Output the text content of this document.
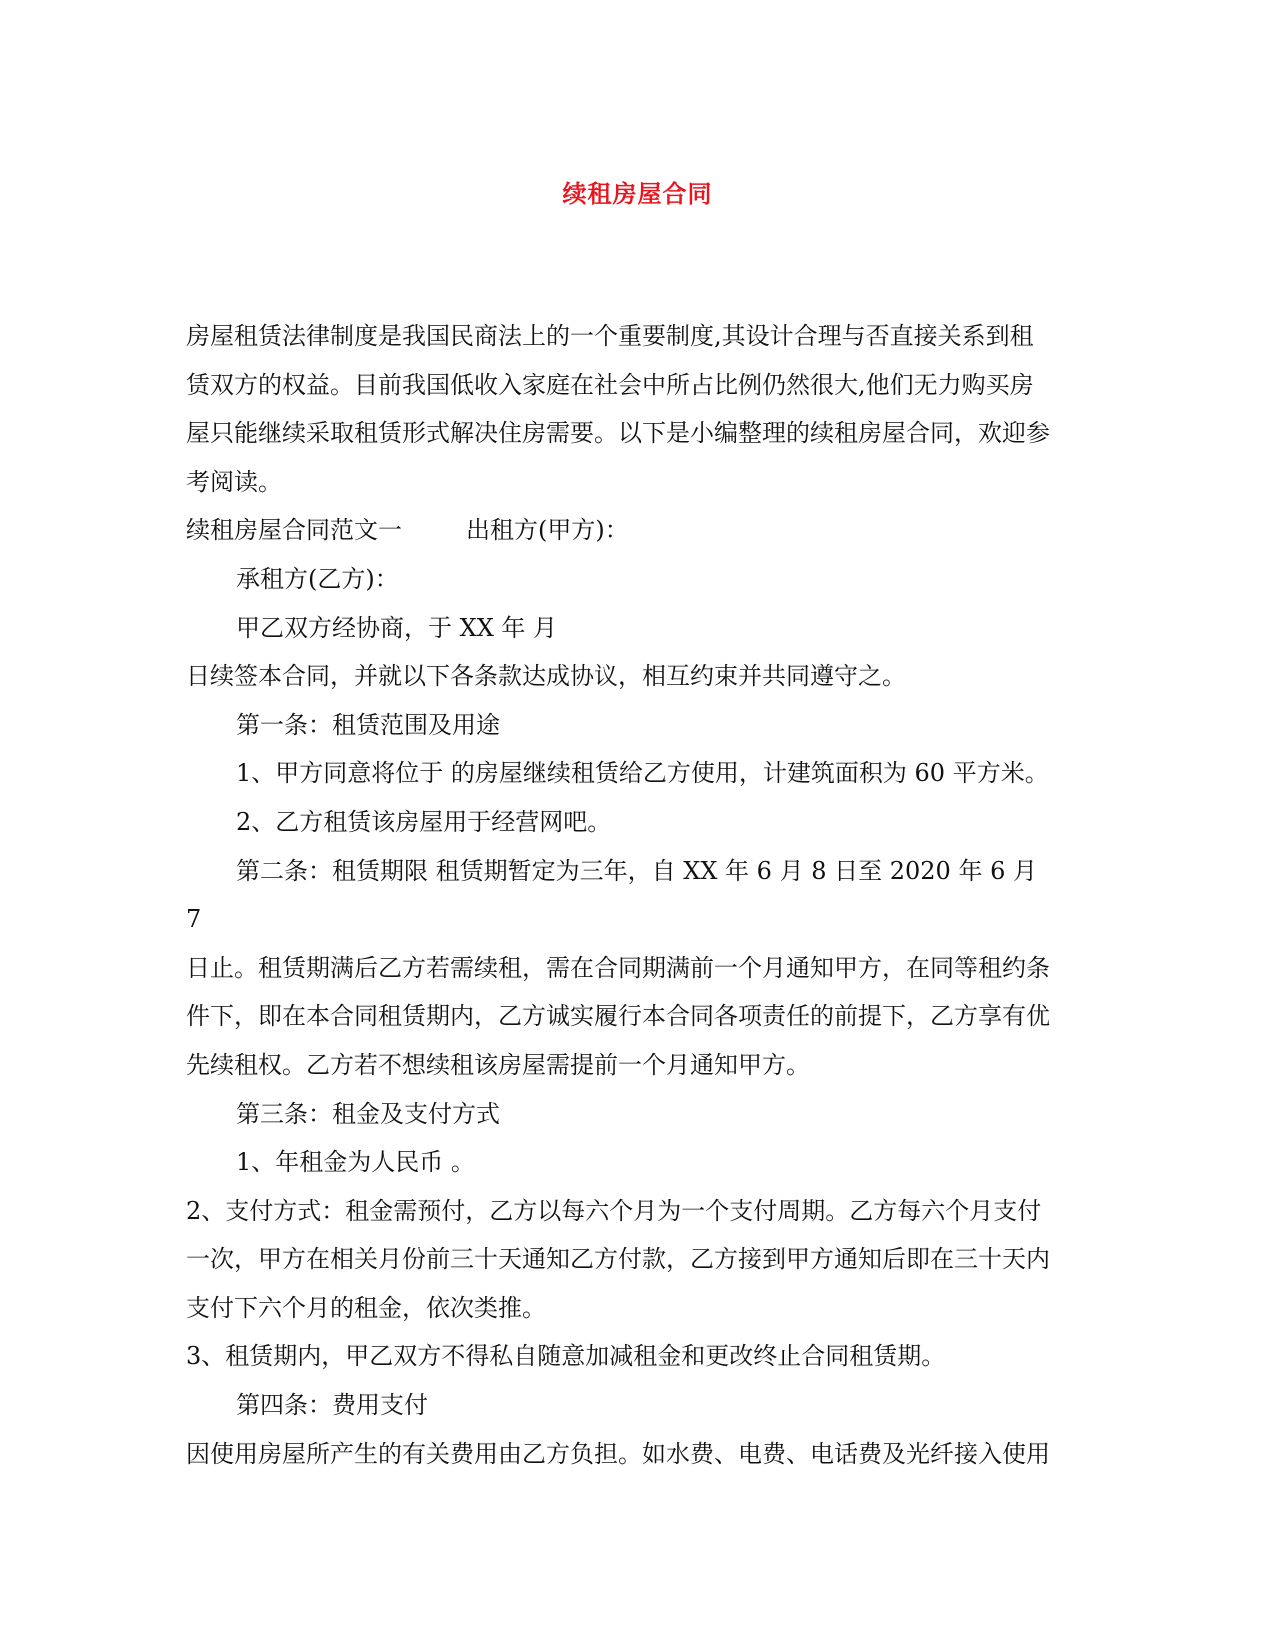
续租房屋合同

房屋租赁法律制度是我国民商法上的一个重要制度,其设计合理与否直接关系到租

赁双方的权益。目前我国低收入家庭在社会中所占比例仍然很大,他们无力购买房

屋只能继续采取租赁形式解决住房需要。以下是小编整理的续租房屋合同，欢迎参

考阅读。

续租房屋合同范文一	出租方(甲方)：

承租方(乙方)：

甲乙双方经协商，于 XX 年 月

日续签本合同，并就以下各条款达成协议，相互约束并共同遵守之。

第一条：租赁范围及用途

1、甲方同意将位于 的房屋继续租赁给乙方使用，计建筑面积为 60 平方米。

2、乙方租赁该房屋用于经营网吧。

第二条：租赁期限 租赁期暂定为三年，自 XX 年 6 月 8 日至 2020 年 6 月

7

日止。租赁期满后乙方若需续租，需在合同期满前一个月通知甲方，在同等租约条

件下，即在本合同租赁期内，乙方诚实履行本合同各项责任的前提下，乙方享有优

先续租权。乙方若不想续租该房屋需提前一个月通知甲方。

第三条：租金及支付方式

1、年租金为人民币 。

2、支付方式：租金需预付，乙方以每六个月为一个支付周期。乙方每六个月支付

一次，甲方在相关月份前三十天通知乙方付款，乙方接到甲方通知后即在三十天内

支付下六个月的租金，依次类推。

3、租赁期内，甲乙双方不得私自随意加减租金和更改终止合同租赁期。

第四条：费用支付

因使用房屋所产生的有关费用由乙方负担。如水费、电费、电话费及光纤接入使用
